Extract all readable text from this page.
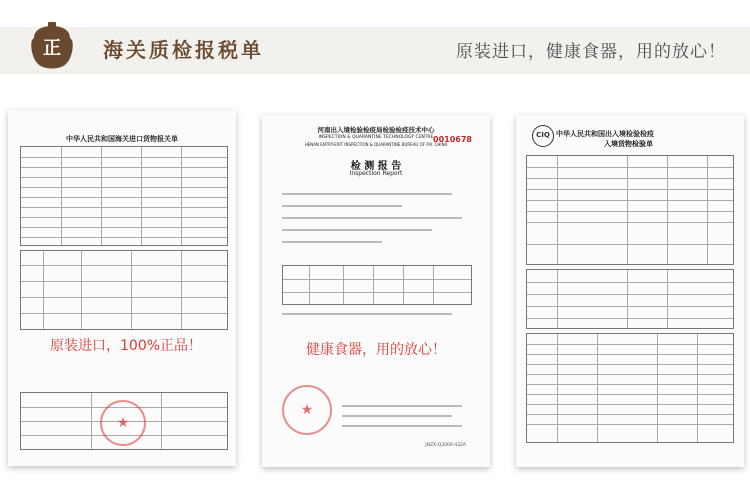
正 海关质检报税单	原装进口，健康食器，用的放心！
中华人民共和国海关进口货物报关单
原装进口，100%正品！
★
河南出入境检验检疫局检验检疫技术中心
INSPECTION & QUARANTINE TECHNOLOGY CENTRE
HENAN ENTRY-EXIT INSPECTION & QUARANTINE BUREAU OF P.R. CHINA
0010678
检 测 报 告
Inspection Report
健康食器，用的放心！
★
JNZX-Q3000-432A
CIQ 中华人民共和国出入境检验检疫
入境货物检验单
